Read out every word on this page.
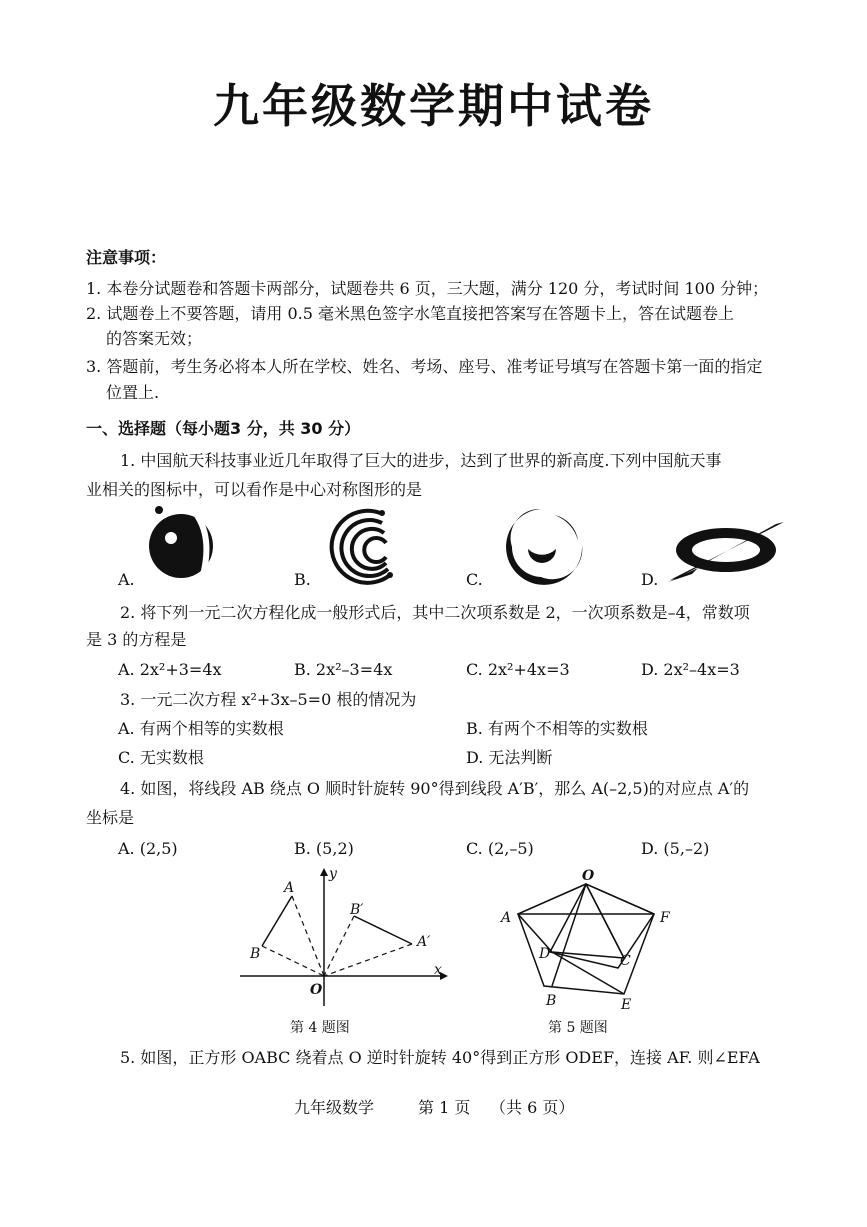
九年级数学期中试卷
注意事项：
1. 本卷分试题卷和答题卡两部分，试题卷共 6 页，三大题，满分 120 分，考试时间 100 分钟；
2. 试题卷上不要答题，请用 0.5 毫米黑色签字水笔直接把答案写在答题卡上，答在试题卷上
的答案无效；
3. 答题前，考生务必将本人所在学校、姓名、考场、座号、准考证号填写在答题卡第一面的指定
位置上.
一、选择题（每小题3 分，共 30 分）
1. 中国航天科技事业近几年取得了巨大的进步，达到了世界的新高度.下列中国航天事
业相关的图标中，可以看作是中心对称图形的是
A.	B.	C.	D.
2. 将下列一元二次方程化成一般形式后，其中二次项系数是 2，一次项系数是–4，常数项
是 3 的方程是
A. 2x²+3=4x	B. 2x²–3=4x	C. 2x²+4x=3	D. 2x²–4x=3
3. 一元二次方程 x²+3x–5=0 根的情况为
A. 有两个相等的实数根	B. 有两个不相等的实数根
C. 无实数根	D. 无法判断
4. 如图，将线段 AB 绕点 O 顺时针旋转 90°得到线段 A′B′，那么 A(–2,5)的对应点 A′的
坐标是
A. (2,5)	B. (5,2)	C. (2,–5)	D. (5,–2)
A
B
B′
A′
O
x
y
第 4 题图
O
A	F
D	C
B	E
第 5 题图
5. 如图，正方形 OABC 绕着点 O 逆时针旋转 40°得到正方形 ODEF，连接 AF. 则∠EFA
九年级数学	第 1 页 （共 6 页）
